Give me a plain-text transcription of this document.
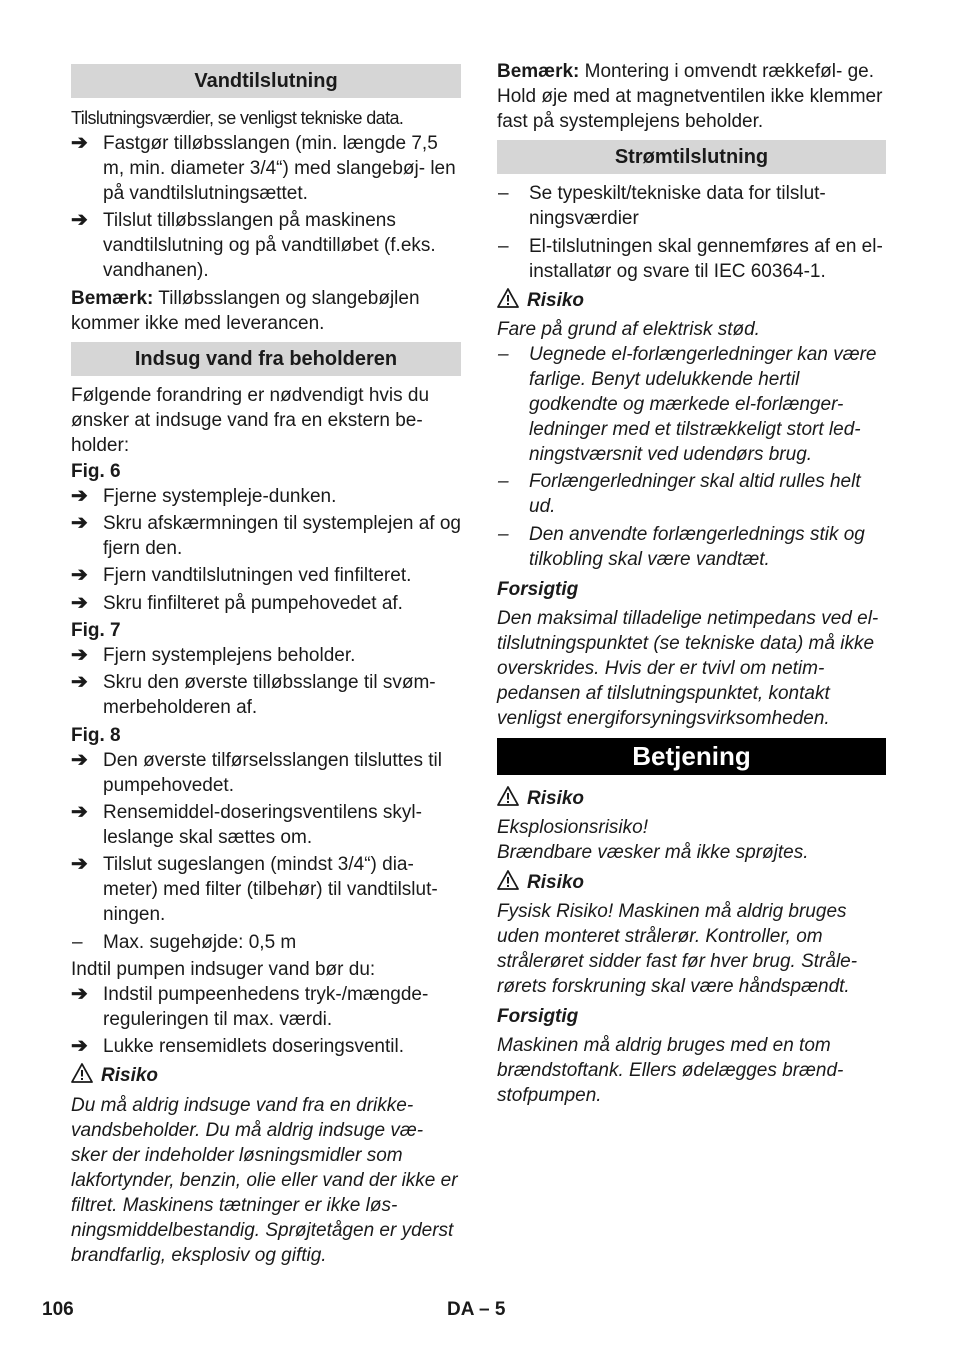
Vandtilslutning
Tilslutningsværdier, se venligst tekniske data.
➔ Fastgør tilløbsslangen (min. længde 7,5 m, min. diameter 3/4“) med slangebøj- len på vandtilslutningsættet.
➔ Tilslut tilløbsslangen på maskinens vandtilslutning og på vandtilløbet (f.eks. vandhanen).
Bemærk: Tilløbsslangen og slangebøjlen kommer ikke med leverancen.
Indsug vand fra beholderen
Følgende forandring er nødvendigt hvis du ønsker at indsuge vand fra en ekstern be- holder:
Fig. 6
➔ Fjerne systempleje-dunken.
➔ Skru afskærmningen til systemplejen af og fjern den.
➔ Fjern vandtilslutningen ved finfilteret.
➔ Skru finfilteret på pumpehovedet af.
Fig. 7
➔ Fjern systemplejens beholder.
➔ Skru den øverste tilløbsslange til svøm- merbeholderen af.
Fig. 8
➔ Den øverste tilførselsslangen tilsluttes til pumpehovedet.
➔ Rensemiddel-doseringsventilens skyl- leslange skal sættes om.
➔ Tilslut sugeslangen (mindst 3/4“) dia- meter) med filter (tilbehør) til vandtilslut- ningen.
–	Max. sugehøjde: 0,5 m
Indtil pumpen indsuger vand bør du:
➔ Indstil pumpeenhedens tryk-/mængde- reguleringen til max. værdi.
➔ Lukke rensemidlets doseringsventil.
Risiko
Du må aldrig indsuge vand fra en drikke- vandsbeholder. Du må aldrig indsuge væ- sker der indeholder løsningsmidler som lakfortynder, benzin, olie eller vand der ikke er filtret. Maskinens tætninger er ikke løs- ningsmiddelbestandig. Sprøjtetågen er yderst brandfarlig, eksplosiv og giftig.
Bemærk: Montering i omvendt rækkeføl- ge. Hold øje med at magnetventilen ikke klemmer fast på systemplejens beholder.
Strømtilslutning
–	Se typeskilt/tekniske data for tilslut- ningsværdier
–	El-tilslutningen skal gennemføres af en el-installatør og svare til IEC 60364-1.
Risiko
Fare på grund af elektrisk stød.
–	Uegnede el-forlængerledninger kan være farlige. Benyt udelukkende hertil godkendte og mærkede el-forlænger- ledninger med et tilstrækkeligt stort led- ningstværsnit ved udendørs brug.
–	Forlængerledninger skal altid rulles helt ud.
–	Den anvendte forlængerlednings stik og tilkobling skal være vandtæt.
Forsigtig
Den maksimal tilladelige netimpedans ved el-tilslutningspunktet (se tekniske data) må ikke overskrides. Hvis der er tvivl om netim- pedansen af tilslutningspunktet, kontakt venligst energiforsyningsvirksomheden.
Betjening
Risiko
Eksplosionsrisiko!
Brændbare væsker må ikke sprøjtes.
Risiko
Fysisk Risiko! Maskinen må aldrig bruges uden monteret strålerør. Kontroller, om strålerøret sidder fast før hver brug. Stråle- rørets forskruning skal være håndspændt.
Forsigtig
Maskinen må aldrig bruges med en tom brændstoftank. Ellers ødelægges brænd- stofpumpen.
106	DA – 5
